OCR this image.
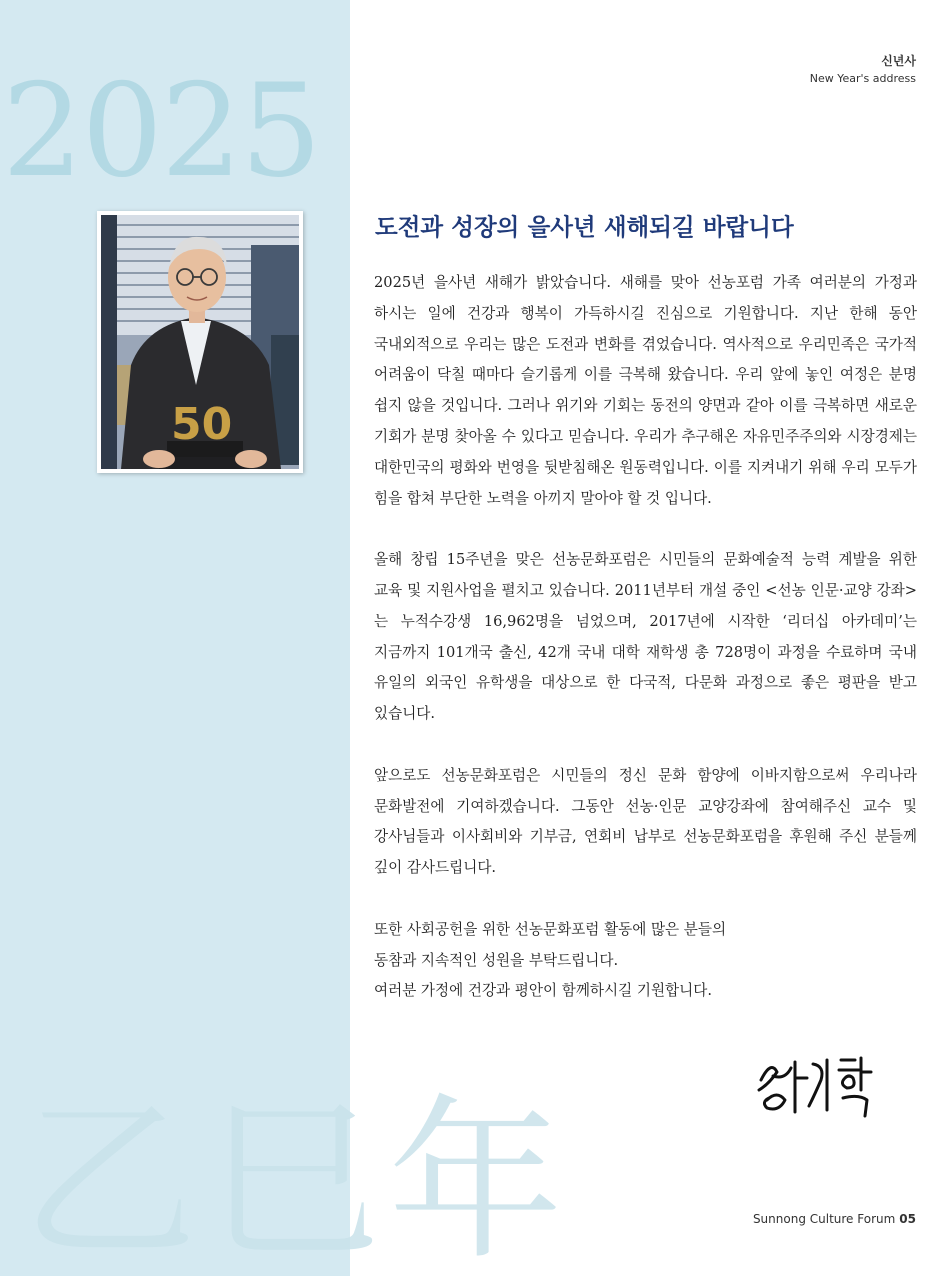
2025
乙巳年
50
신년사
New Year's address
도전과 성장의 을사년 새해되길 바랍니다

2025년 을사년 새해가 밝았습니다. 새해를 맞아 선농포럼 가족 여러분의 가정과 하시는 일에 건강과 행복이 가득하시길 진심으로 기원합니다. 지난 한해 동안 국내외적으로 우리는 많은 도전과 변화를 겪었습니다. 역사적으로 우리민족은 국가적 어려움이 닥칠 때마다 슬기롭게 이를 극복해 왔습니다. 우리 앞에 놓인 여정은 분명 쉽지 않을 것입니다. 그러나 위기와 기회는 동전의 양면과 같아 이를 극복하면 새로운 기회가 분명 찾아올 수 있다고 믿습니다. 우리가 추구해온 자유민주주의와 시장경제는 대한민국의 평화와 번영을 뒷받침해온 원동력입니다. 이를 지켜내기 위해 우리 모두가 힘을 합쳐 부단한 노력을 아끼지 말아야 할 것 입니다.

올해 창립 15주년을 맞은 선농문화포럼은 시민들의 문화예술적 능력 계발을 위한 교육 및 지원사업을 펼치고 있습니다. 2011년부터 개설 중인 <선농 인문·교양 강좌>는 누적수강생 16,962명을 넘었으며, 2017년에 시작한 ‘리더십 아카데미’는 지금까지 101개국 출신, 42개 국내 대학 재학생 총 728명이 과정을 수료하며 국내 유일의 외국인 유학생을 대상으로 한 다국적, 다문화 과정으로 좋은 평판을 받고 있습니다.

앞으로도 선농문화포럼은 시민들의 정신 문화 함양에 이바지함으로써 우리나라 문화발전에 기여하겠습니다. 그동안 선농·인문 교양강좌에 참여해주신 교수 및 강사님들과 이사회비와 기부금, 연회비 납부로 선농문화포럼을 후원해 주신 분들께 깊이 감사드립니다.

또한 사회공헌을 위한 선농문화포럼 활동에 많은 분들의
동참과 지속적인 성원을 부탁드립니다.
여러분 가정에 건강과 평안이 함께하시길 기원합니다.

Sunnong Culture Forum 05
